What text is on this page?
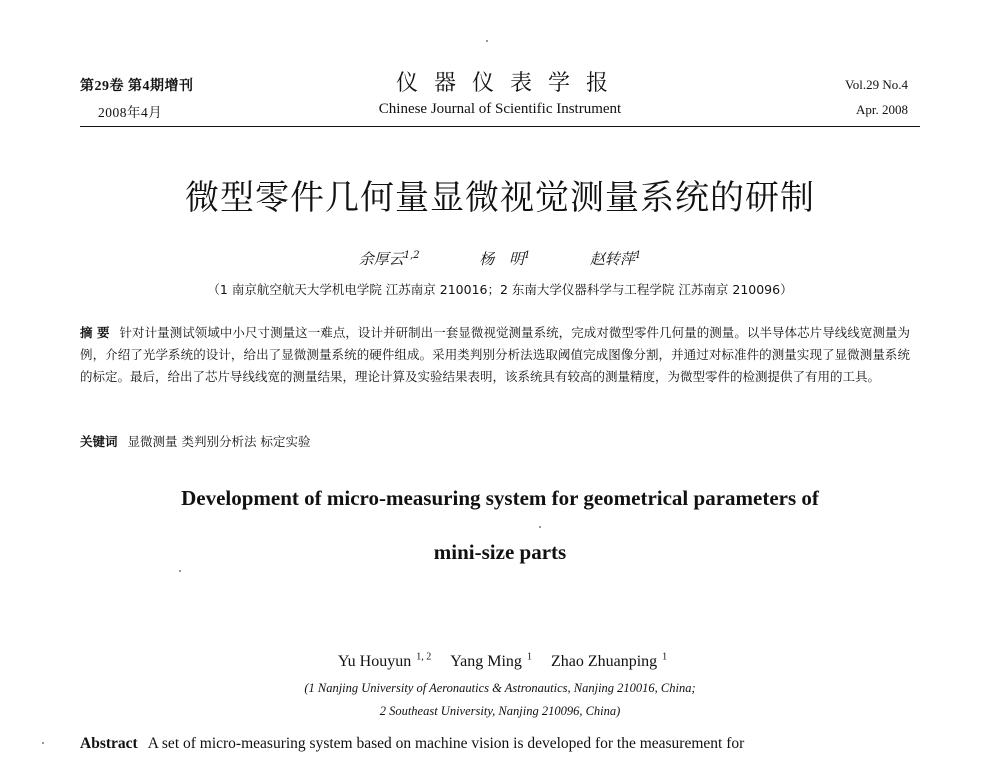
第29卷 第4期增刊
2008年4月
仪器仪表学报
Chinese Journal of Scientific Instrument
Vol.29 No.4
Apr. 2008
微型零件几何量显微视觉测量系统的研制
余厚云$^{1,2}$	杨 明$^1$	赵转萍$^1$
（1 南京航空航天大学机电学院 江苏南京 210016；2 东南大学仪器科学与工程学院 江苏南京 210096）
摘 要 针对计量测试领域中小尺寸测量这一难点，设计并研制出一套显微视觉测量系统，完成对微型零件几何量的测量。以半导体芯片导线线宽测量为例，介绍了光学系统的设计，给出了显微测量系统的硬件组成。采用类判别分析法选取阈值完成图像分割，并通过对标准件的测量实现了显微测量系统的标定。最后，给出了芯片导线线宽的测量结果，理论计算及实验结果表明，该系统具有较高的测量精度，为微型零件的检测提供了有用的工具。
关键词 显微测量 类判别分析法 标定实验
Development of micro-measuring system for geometrical parameters of
mini-size parts
Yu Houyun $^{1, 2}$ Yang Ming $^1$ Zhao Zhuanping $^1$
(1 Nanjing University of Aeronautics & Astronautics, Nanjing 210016, China;
2 Southeast University, Nanjing 210096, China)
Abstract A set of micro-measuring system based on machine vision is developed for the measurement for
